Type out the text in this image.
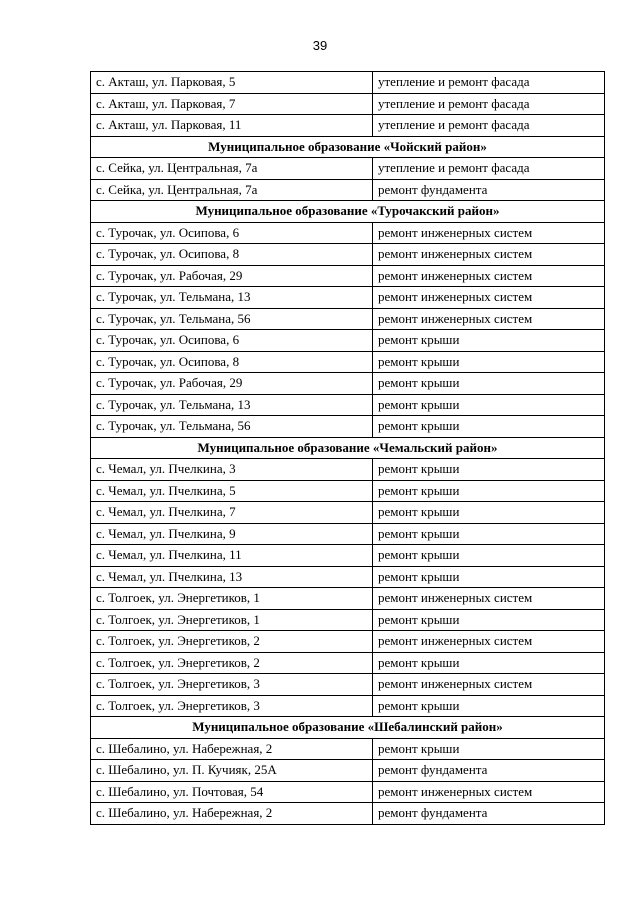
39
с. Акташ, ул. Парковая, 5	утепление и ремонт фасада
с. Акташ, ул. Парковая, 7	утепление и ремонт фасада
с. Акташ, ул. Парковая, 11	утепление и ремонт фасада
Муниципальное образование «Чойский район»	
с. Сейка, ул. Центральная, 7а	утепление и ремонт фасада
с. Сейка, ул. Центральная, 7а	ремонт фундамента
Муниципальное образование «Турочакский район»	
с. Турочак, ул. Осипова, 6	ремонт инженерных систем
с. Турочак, ул. Осипова, 8	ремонт инженерных систем
с. Турочак, ул. Рабочая, 29	ремонт инженерных систем
с. Турочак, ул. Тельмана, 13	ремонт инженерных систем
с. Турочак, ул. Тельмана, 56	ремонт инженерных систем
с. Турочак, ул. Осипова, 6	ремонт крыши
с. Турочак, ул. Осипова, 8	ремонт крыши
с. Турочак, ул. Рабочая, 29	ремонт крыши
с. Турочак, ул. Тельмана, 13	ремонт крыши
с. Турочак, ул. Тельмана, 56	ремонт крыши
Муниципальное образование «Чемальский район»	
с. Чемал, ул. Пчелкина, 3	ремонт крыши
с. Чемал, ул. Пчелкина, 5	ремонт крыши
с. Чемал, ул. Пчелкина, 7	ремонт крыши
с. Чемал, ул. Пчелкина, 9	ремонт крыши
с. Чемал, ул. Пчелкина, 11	ремонт крыши
с. Чемал, ул. Пчелкина, 13	ремонт крыши
с. Толгоек, ул. Энергетиков, 1	ремонт инженерных систем
с. Толгоек, ул. Энергетиков, 1	ремонт крыши
с. Толгоек, ул. Энергетиков, 2	ремонт инженерных систем
с. Толгоек, ул. Энергетиков, 2	ремонт крыши
с. Толгоек, ул. Энергетиков, 3	ремонт инженерных систем
с. Толгоек, ул. Энергетиков, 3	ремонт крыши
Муниципальное образование «Шебалинский район»	
с. Шебалино, ул. Набережная, 2	ремонт крыши
с. Шебалино, ул. П. Кучияк, 25А	ремонт фундамента
с. Шебалино, ул. Почтовая, 54	ремонт инженерных систем
с. Шебалино, ул. Набережная, 2	ремонт фундамента
